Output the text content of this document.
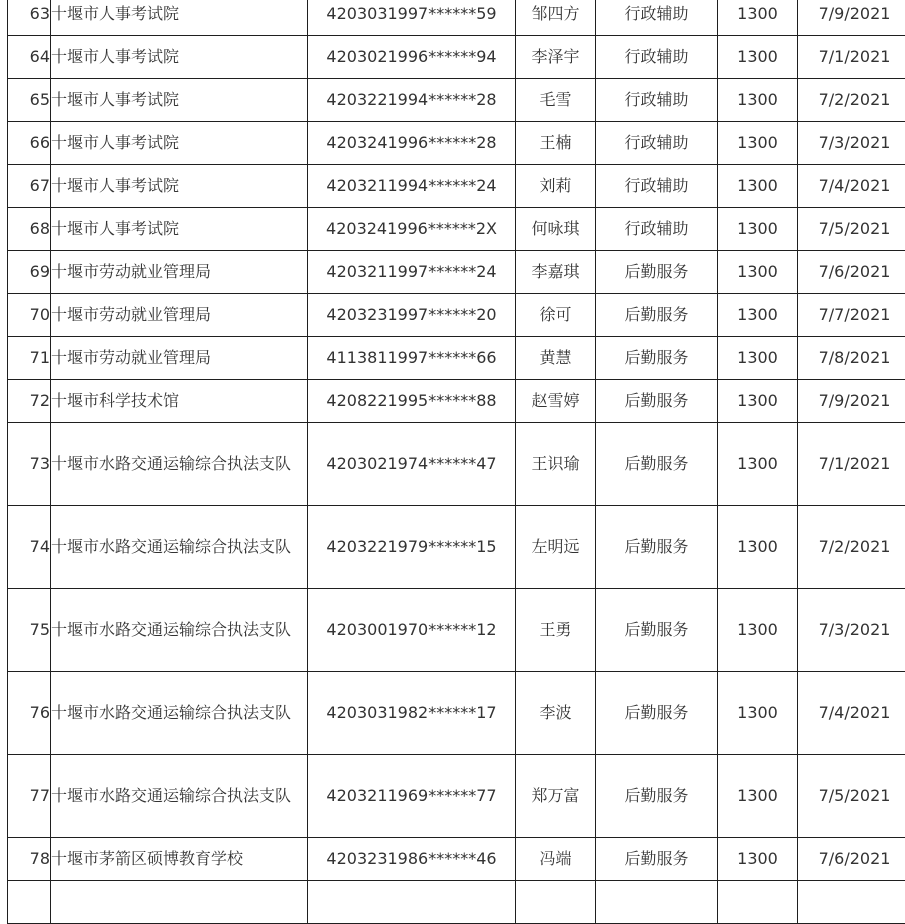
63	十堰市人事考试院	4203031997******59	邹四方	行政辅助	1300	7/9/2021
64	十堰市人事考试院	4203021996******94	李泽宇	行政辅助	1300	7/1/2021
65	十堰市人事考试院	4203221994******28	毛雪	行政辅助	1300	7/2/2021
66	十堰市人事考试院	4203241996******28	王楠	行政辅助	1300	7/3/2021
67	十堰市人事考试院	4203211994******24	刘莉	行政辅助	1300	7/4/2021
68	十堰市人事考试院	4203241996******2X	何咏琪	行政辅助	1300	7/5/2021
69	十堰市劳动就业管理局	4203211997******24	李嘉琪	后勤服务	1300	7/6/2021
70	十堰市劳动就业管理局	4203231997******20	徐可	后勤服务	1300	7/7/2021
71	十堰市劳动就业管理局	4113811997******66	黄慧	后勤服务	1300	7/8/2021
72	十堰市科学技术馆	4208221995******88	赵雪婷	后勤服务	1300	7/9/2021
73	十堰市水路交通运输综合执法支队	4203021974******47	王识瑜	后勤服务	1300	7/1/2021
74	十堰市水路交通运输综合执法支队	4203221979******15	左明远	后勤服务	1300	7/2/2021
75	十堰市水路交通运输综合执法支队	4203001970******12	王勇	后勤服务	1300	7/3/2021
76	十堰市水路交通运输综合执法支队	4203031982******17	李波	后勤服务	1300	7/4/2021
77	十堰市水路交通运输综合执法支队	4203211969******77	郑万富	后勤服务	1300	7/5/2021
78	十堰市茅箭区硕博教育学校	4203231986******46	冯端	后勤服务	1300	7/6/2021
